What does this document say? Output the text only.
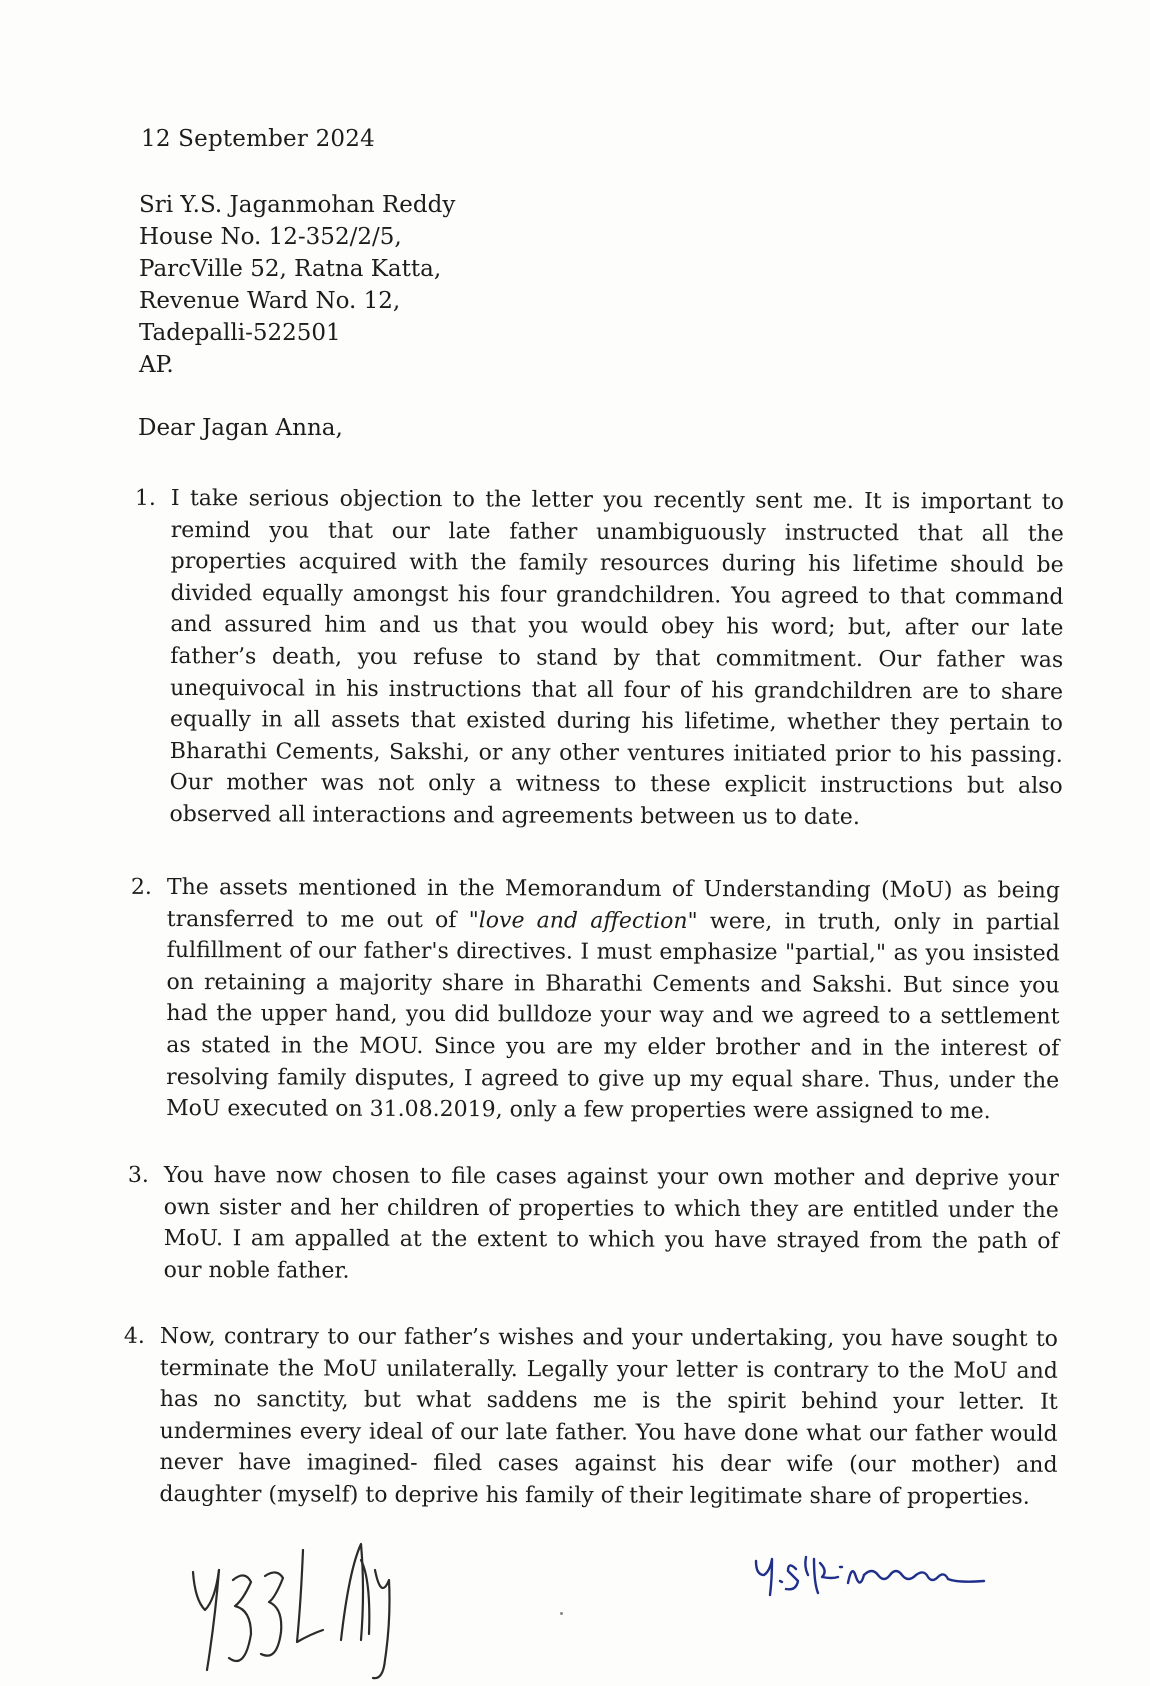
12 September 2024
Sri Y.S. Jaganmohan Reddy
House No. 12-352/2/5,
ParcVille 52, Ratna Katta,
Revenue Ward No. 12,
Tadepalli-522501
AP.
Dear Jagan Anna,
1. I take serious objection to the letter you recently sent me. It is important to remind you that our late father unambiguously instructed that all the properties acquired with the family resources during his lifetime should be divided equally amongst his four grandchildren. You agreed to that command and assured him and us that you would obey his word; but, after our late father’s death, you refuse to stand by that commitment. Our father was unequivocal in his instructions that all four of his grandchildren are to share equally in all assets that existed during his lifetime, whether they pertain to Bharathi Cements, Sakshi, or any other ventures initiated prior to his passing. Our mother was not only a witness to these explicit instructions but also observed all interactions and agreements between us to date.
2. The assets mentioned in the Memorandum of Understanding (MoU) as being transferred to me out of "love and affection" were, in truth, only in partial fulfillment of our father's directives. I must emphasize "partial," as you insisted on retaining a majority share in Bharathi Cements and Sakshi. But since you had the upper hand, you did bulldoze your way and we agreed to a settlement as stated in the MOU. Since you are my elder brother and in the interest of resolving family disputes, I agreed to give up my equal share. Thus, under the MoU executed on 31.08.2019, only a few properties were assigned to me.
3. You have now chosen to file cases against your own mother and deprive your own sister and her children of properties to which they are entitled under the MoU. I am appalled at the extent to which you have strayed from the path of our noble father.
4. Now, contrary to our father’s wishes and your undertaking, you have sought to terminate the MoU unilaterally. Legally your letter is contrary to the MoU and has no sanctity, but what saddens me is the spirit behind your letter. It undermines every ideal of our late father. You have done what our father would never have imagined- filed cases against his dear wife (our mother) and daughter (myself) to deprive his family of their legitimate share of properties.
